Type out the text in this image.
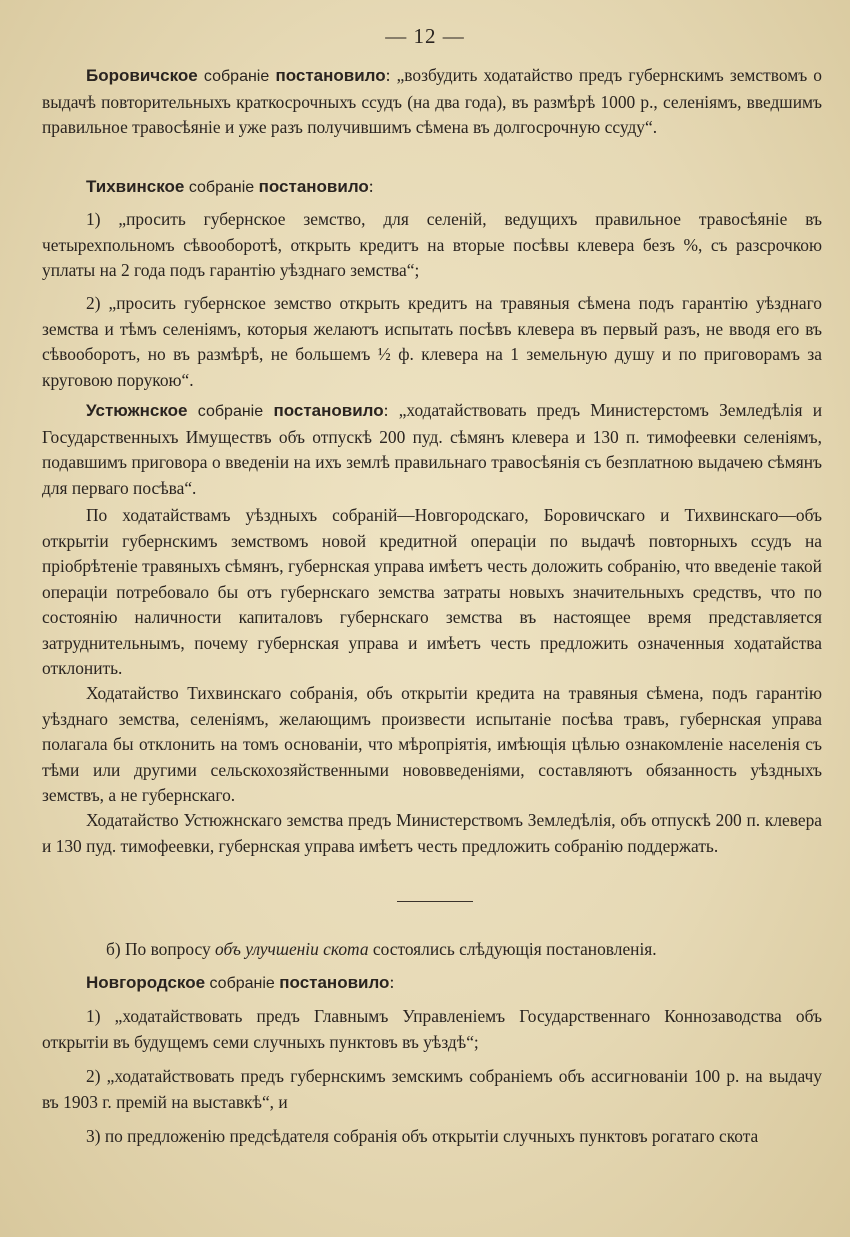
— 12 —

Боровичское собраніе постановило: „возбудить ходатайство предъ губернскимъ земствомъ о выдачѣ повторительныхъ краткосрочныхъ ссудъ (на два года), въ размѣрѣ 1000 р., селеніямъ, введшимъ правильное травосѣяніе и уже разъ получившимъ сѣмена въ долгосрочную ссуду“.

Тихвинское собраніе постановило:

1) „просить губернское земство, для селеній, ведущихъ правильное травосѣяніе въ четырехпольномъ сѣвооборотѣ, открыть кредитъ на вторые посѣвы клевера безъ %, съ разсрочкою уплаты на 2 года подъ гарантію уѣзднаго земства“;

2) „просить губернское земство открыть кредитъ на травяныя сѣмена подъ гарантію уѣзднаго земства и тѣмъ селеніямъ, которыя желаютъ испытать посѣвъ клевера въ первый разъ, не вводя его въ сѣвооборотъ, но въ размѣрѣ, не большемъ ½ ф. клевера на 1 земельную душу и по приговорамъ за круговою порукою“.

Устюжнское собраніе постановило: „ходатайствовать предъ Министерстомъ Земледѣлія и Государственныхъ Имуществъ объ отпускѣ 200 пуд. сѣмянъ клевера и 130 п. тимофеевки селеніямъ, подавшимъ приговора о введеніи на ихъ землѣ правильнаго травосѣянія съ безплатною выдачею сѣмянъ для перваго посѣва“.

По ходатайствамъ уѣздныхъ собраній—Новгородскаго, Боровичскаго и Тихвинскаго—объ открытіи губернскимъ земствомъ новой кредитной операціи по выдачѣ повторныхъ ссудъ на пріобрѣтеніе травяныхъ сѣмянъ, губернская управа имѣетъ честь доложить собранію, что введеніе такой операціи потребовало бы отъ губернскаго земства затраты новыхъ значительныхъ средствъ, что по состоянію наличности капиталовъ губернскаго земства въ настоящее время представляется затруднительнымъ, почему губернская управа и имѣетъ честь предложить означенныя ходатайства отклонить.

Ходатайство Тихвинскаго собранія, объ открытіи кредита на травяныя сѣмена, подъ гарантію уѣзднаго земства, селеніямъ, желающимъ произвести испытаніе посѣва травъ, губернская управа полагала бы отклонить на томъ основаніи, что мѣропріятія, имѣющія цѣлью ознакомленіе населенія съ тѣми или другими сельскохозяйственными нововведеніями, составляютъ обязанность уѣздныхъ земствъ, а не губернскаго.

Ходатайство Устюжнскаго земства предъ Министерствомъ Земледѣлія, объ отпускѣ 200 п. клевера и 130 пуд. тимофеевки, губернская управа имѣетъ честь предложить собранію поддержать.

б) По вопросу объ улучшеніи скота состоялись слѣдующія постановленія.

Новгородское собраніе постановило:

1) „ходатайствовать предъ Главнымъ Управленіемъ Государственнаго Коннозаводства объ открытіи въ будущемъ семи случныхъ пунктовъ въ уѣздѣ“;

2) „ходатайствовать предъ губернскимъ земскимъ собраніемъ объ ассигнованіи 100 р. на выдачу въ 1903 г. премій на выставкѣ“, и

3) по предложенію предсѣдателя собранія объ открытіи случныхъ пунктовъ рогатаго скота
